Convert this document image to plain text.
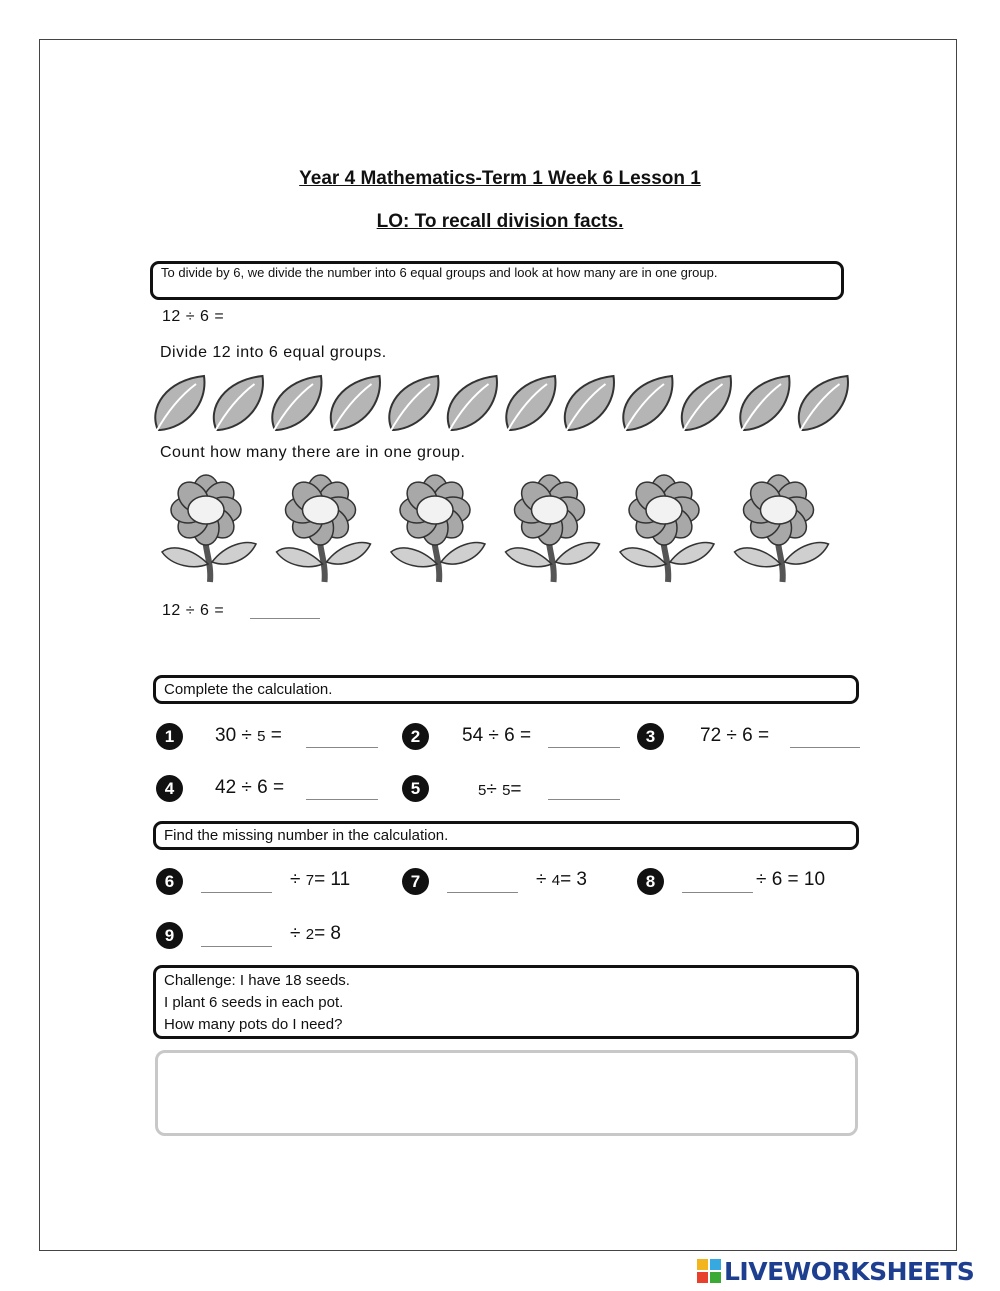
Year 4 Mathematics-Term 1 Week 6 Lesson 1
LO: To recall division facts.
To divide by 6, we divide the number into 6 equal groups and look at how many are in one group.
12 ÷ 6 =
Divide 12 into 6 equal groups.
Count how many there are in one group.
12 ÷ 6 =
Complete the calculation.
1	30 ÷ 5 =	2	54 ÷ 6 =	3	72 ÷ 6 =
4	42 ÷ 6 =	5	5÷ 5=
Find the missing number in the calculation.
6	÷ 7= 11	7	÷ 4= 3	8	÷ 6 = 10
9	÷ 2= 8
Challenge: I have 18 seeds.
I plant 6 seeds in each pot.
How many pots do I need?
LIVEWORKSHEETS
